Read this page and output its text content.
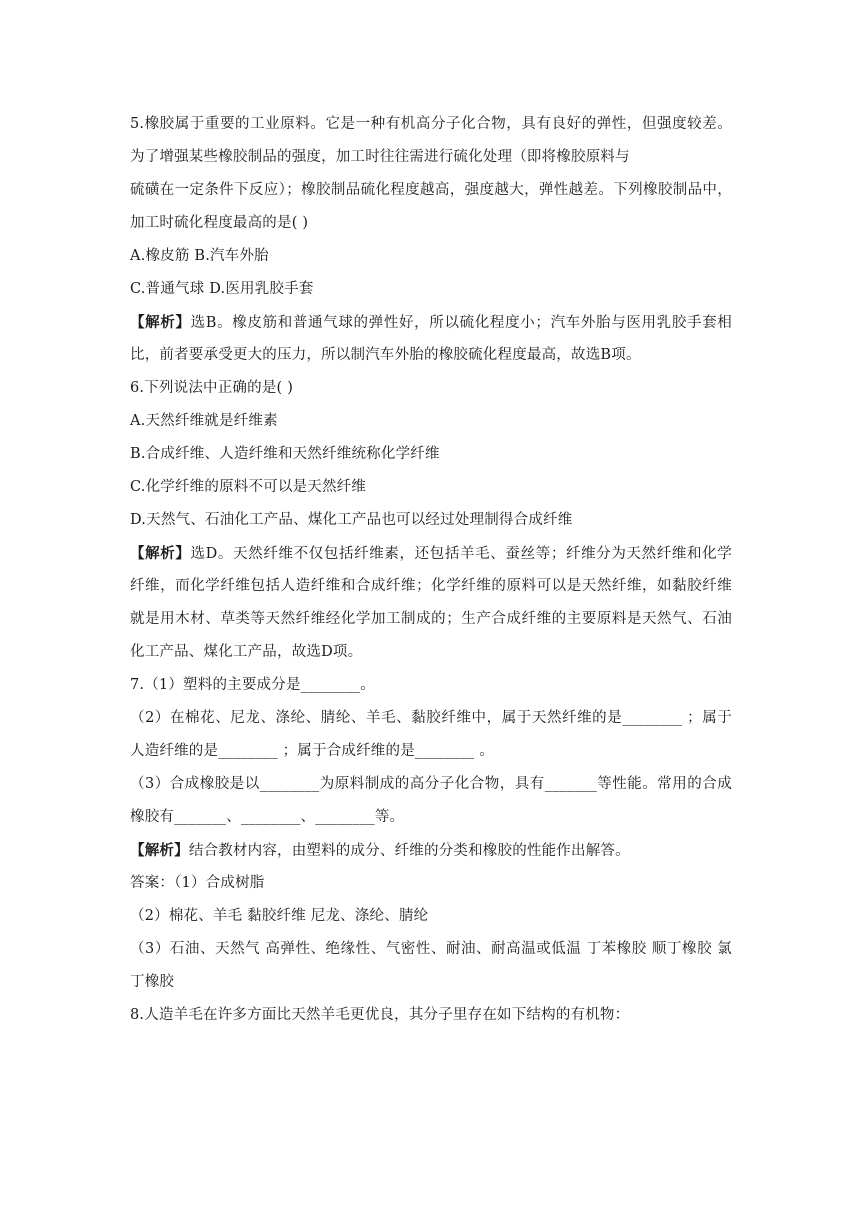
5.橡胶属于重要的工业原料。它是一种有机高分子化合物，具有良好的弹性，但强度较差。
为了增强某些橡胶制品的强度，加工时往往需进行硫化处理（即将橡胶原料与
硫磺在一定条件下反应）；橡胶制品硫化程度越高，强度越大，弹性越差。下列橡胶制品中，
加工时硫化程度最高的是( )
A.橡皮筋 B.汽车外胎
C.普通气球 D.医用乳胶手套
【解析】选B。橡皮筋和普通气球的弹性好，所以硫化程度小；汽车外胎与医用乳胶手套相
比，前者要承受更大的压力，所以制汽车外胎的橡胶硫化程度最高，故选B项。
6.下列说法中正确的是( )
A.天然纤维就是纤维素
B.合成纤维、人造纤维和天然纤维统称化学纤维
C.化学纤维的原料不可以是天然纤维
D.天然气、石油化工产品、煤化工产品也可以经过处理制得合成纤维
【解析】选D。天然纤维不仅包括纤维素，还包括羊毛、蚕丝等；纤维分为天然纤维和化学
纤维，而化学纤维包括人造纤维和合成纤维；化学纤维的原料可以是天然纤维，如黏胶纤维
就是用木材、草类等天然纤维经化学加工制成的；生产合成纤维的主要原料是天然气、石油
化工产品、煤化工产品，故选D项。
7.（1）塑料的主要成分是________。
（2）在棉花、尼龙、涤纶、腈纶、羊毛、黏胶纤维中，属于天然纤维的是________ ；属于
人造纤维的是________ ；属于合成纤维的是________ 。
（3）合成橡胶是以________为原料制成的高分子化合物，具有_______等性能。常用的合成
橡胶有_______、________、________等。
【解析】结合教材内容，由塑料的成分、纤维的分类和橡胶的性能作出解答。
答案：（1）合成树脂
（2）棉花、羊毛 黏胶纤维 尼龙、涤纶、腈纶
（3）石油、天然气 高弹性、绝缘性、气密性、耐油、耐高温或低温 丁苯橡胶 顺丁橡胶 氯
丁橡胶
8.人造羊毛在许多方面比天然羊毛更优良，其分子里存在如下结构的有机物：
